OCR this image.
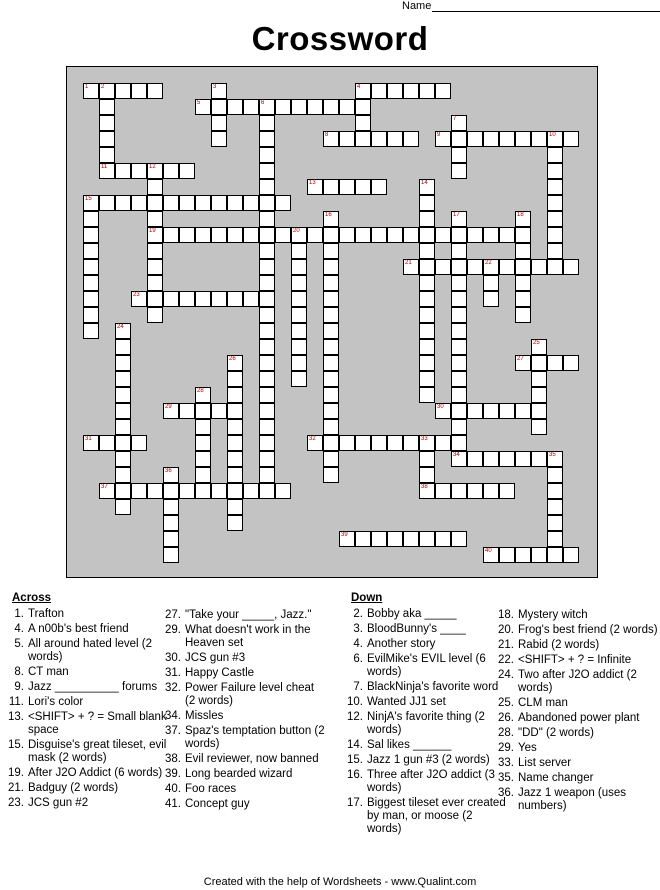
Name
Crossword
1 2	3	4
5	6
7
8	9	10
11	12
19
13	14
15
16	17
34
18
20
21	22
23
24
25
26	27
28
29	30
31	32	33
38
35
36
37
39
40
Across
1. Trafton
4. A n00b's best friend
5. All around hated level (2 words)
8. CT man
9. Jazz __________ forums
11. Lori's color
13. <SHIFT> + ? = Small blank space
15. Disguise's great tileset, evil mask (2 words)
19. After J2O Addict (6 words)
21. Badguy (2 words)
23. JCS gun #2
27. "Take your _____, Jazz."
29. What doesn't work in the Heaven set
30. JCS gun #3
31. Happy Castle
32. Power Failure level cheat (2 words)
34. Missles
37. Spaz's temptation button (2 words)
38. Evil reviewer, now banned
39. Long bearded wizard
40. Foo races
41. Concept guy
Down
2. Bobby aka _____
3. BloodBunny's ____
4. Another story
6. EvilMike's EVIL level (6 words)
7. BlackNinja's favorite word
10. Wanted JJ1 set
12. NinjA's favorite thing (2 words)
14. Sal likes ______
15. Jazz 1 gun #3 (2 words)
16. Three after J2O addict (3 words)
17. Biggest tileset ever created by man, or moose (2 words)
18. Mystery witch
20. Frog's best friend (2 words)
21. Rabid (2 words)
22. <SHIFT> + ? = Infinite
24. Two after J2O addict (2 words)
25. CLM man
26. Abandoned power plant
28. "DD" (2 words)
29. Yes
33. List server
35. Name changer
36. Jazz 1 weapon (uses numbers)
Created with the help of Wordsheets - www.Qualint.com
